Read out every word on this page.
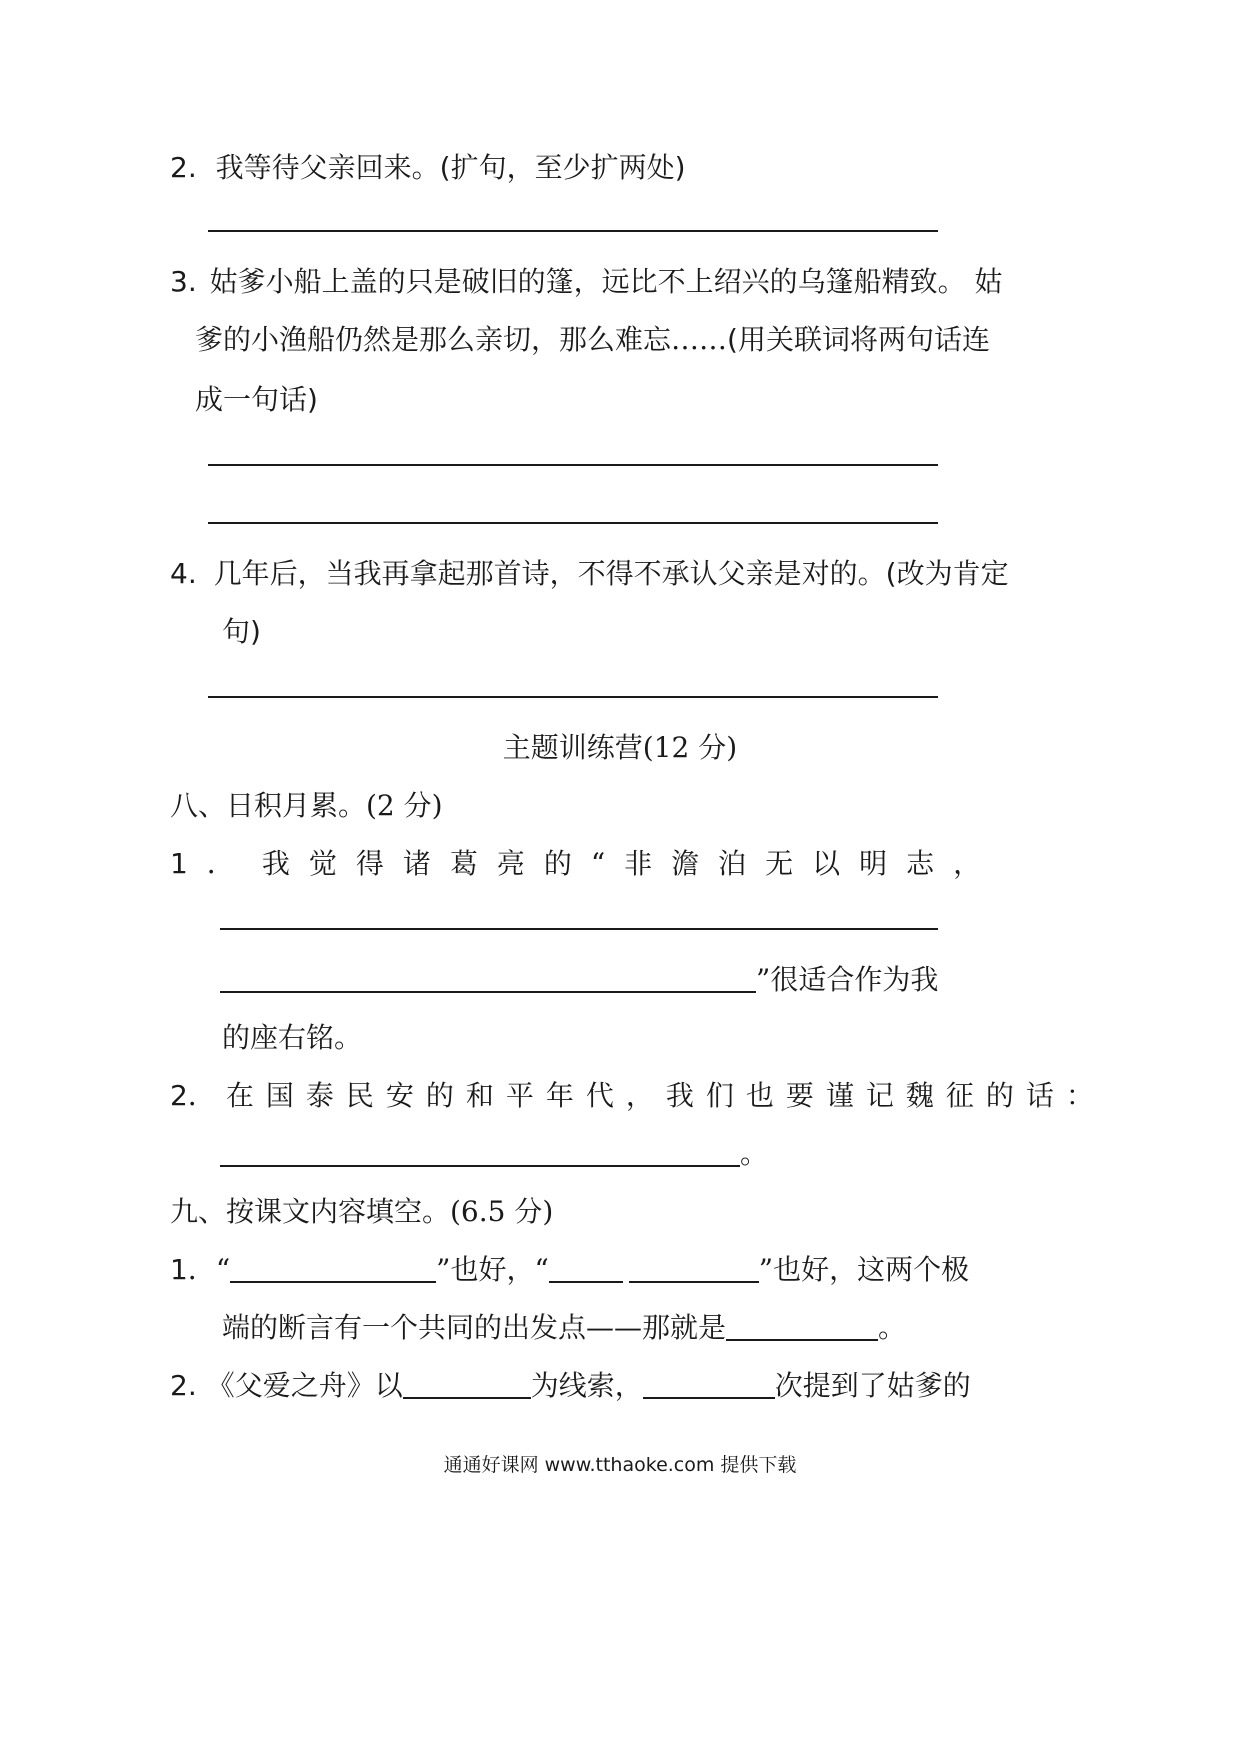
2. 我等待父亲回来。(扩句，至少扩两处)
3. 姑爹小船上盖的只是破旧的篷，远比不上绍兴的乌篷船精致。 姑
爹的小渔船仍然是那么亲切，那么难忘……(用关联词将两句话连
成一句话)
4. 几年后，当我再拿起那首诗，不得不承认父亲是对的。(改为肯定
句)
主题训练营(12 分)
八、日积月累。(2 分)
1． 我觉得诸葛亮的“非澹泊无以明志，
”很适合作为我
的座右铭。
2． 在国泰民安的和平年代，我们也要谨记魏征的话：
。
九、按课文内容填空。(6.5 分)
1．“	”也好，“	”也好，这两个极
端的断言有一个共同的出发点——那就是	。
2. 《父爱之舟》以	为线索，	次提到了姑爹的
通通好课网 www.tthaoke.com 提供下载
